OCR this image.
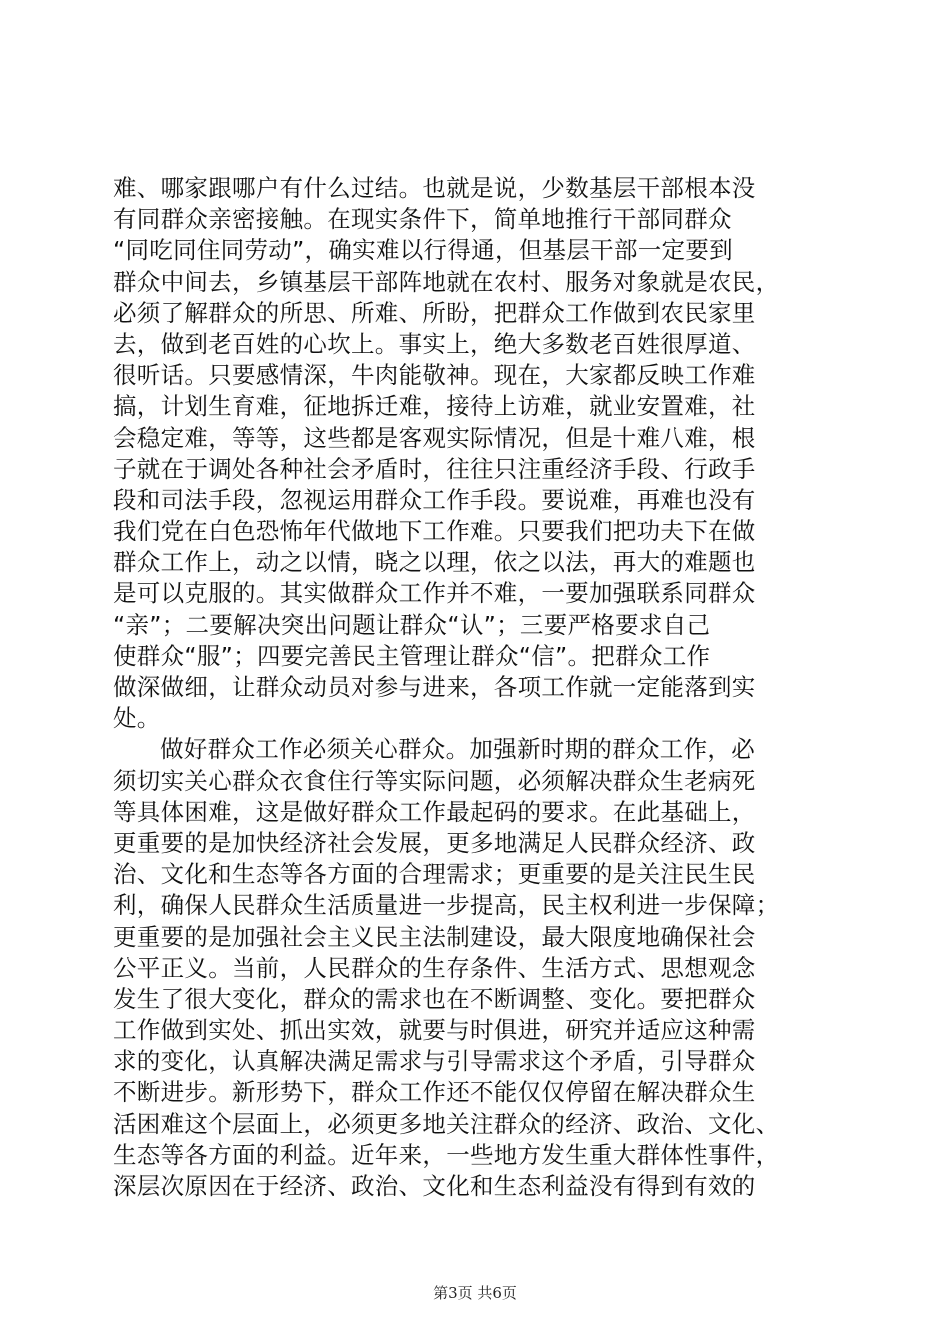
难、哪家跟哪户有什么过结。也就是说，少数基层干部根本没
有同群众亲密接触。在现实条件下，简单地推行干部同群众
“同吃同住同劳动”，确实难以行得通，但基层干部一定要到
群众中间去，乡镇基层干部阵地就在农村、服务对象就是农民，
必须了解群众的所思、所难、所盼，把群众工作做到农民家里
去，做到老百姓的心坎上。事实上，绝大多数老百姓很厚道、
很听话。只要感情深，牛肉能敬神。现在，大家都反映工作难
搞，计划生育难，征地拆迁难，接待上访难，就业安置难，社
会稳定难，等等，这些都是客观实际情况，但是十难八难，根
子就在于调处各种社会矛盾时，往往只注重经济手段、行政手
段和司法手段，忽视运用群众工作手段。要说难，再难也没有
我们党在白色恐怖年代做地下工作难。只要我们把功夫下在做
群众工作上，动之以情，晓之以理，依之以法，再大的难题也
是可以克服的。其实做群众工作并不难，一要加强联系同群众
“亲”；二要解决突出问题让群众“认”；三要严格要求自己
使群众“服”；四要完善民主管理让群众“信”。把群众工作
做深做细，让群众动员对参与进来，各项工作就一定能落到实
处。
做好群众工作必须关心群众。加强新时期的群众工作，必
须切实关心群众衣食住行等实际问题，必须解决群众生老病死
等具体困难，这是做好群众工作最起码的要求。在此基础上，
更重要的是加快经济社会发展，更多地满足人民群众经济、政
治、文化和生态等各方面的合理需求；更重要的是关注民生民
利，确保人民群众生活质量进一步提高，民主权利进一步保障；
更重要的是加强社会主义民主法制建设，最大限度地确保社会
公平正义。当前，人民群众的生存条件、生活方式、思想观念
发生了很大变化，群众的需求也在不断调整、变化。要把群众
工作做到实处、抓出实效，就要与时俱进，研究并适应这种需
求的变化，认真解决满足需求与引导需求这个矛盾，引导群众
不断进步。新形势下，群众工作还不能仅仅停留在解决群众生
活困难这个层面上，必须更多地关注群众的经济、政治、文化、
生态等各方面的利益。近年来，一些地方发生重大群体性事件，
深层次原因在于经济、政治、文化和生态利益没有得到有效的
第3页 共6页
